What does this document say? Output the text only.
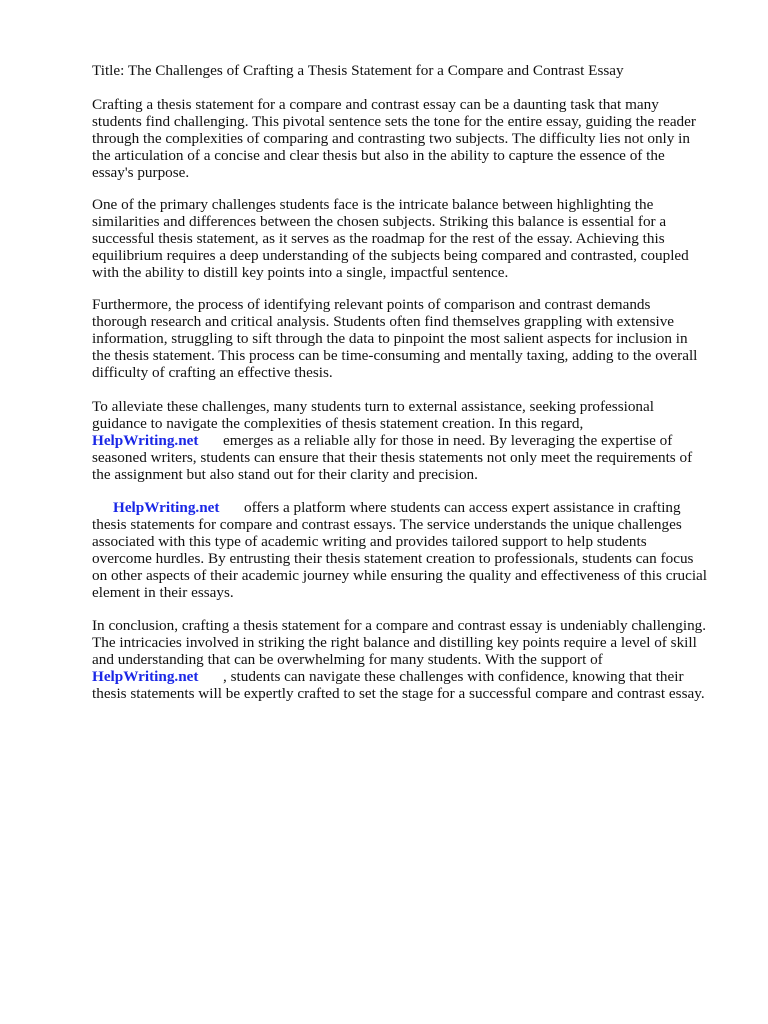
Title: The Challenges of Crafting a Thesis Statement for a Compare and Contrast Essay
Crafting a thesis statement for a compare and contrast essay can be a daunting task that many
students find challenging. This pivotal sentence sets the tone for the entire essay, guiding the reader
through the complexities of comparing and contrasting two subjects. The difficulty lies not only in
the articulation of a concise and clear thesis but also in the ability to capture the essence of the
essay's purpose.
One of the primary challenges students face is the intricate balance between highlighting the
similarities and differences between the chosen subjects. Striking this balance is essential for a
successful thesis statement, as it serves as the roadmap for the rest of the essay. Achieving this
equilibrium requires a deep understanding of the subjects being compared and contrasted, coupled
with the ability to distill key points into a single, impactful sentence.
Furthermore, the process of identifying relevant points of comparison and contrast demands
thorough research and critical analysis. Students often find themselves grappling with extensive
information, struggling to sift through the data to pinpoint the most salient aspects for inclusion in
the thesis statement. This process can be time-consuming and mentally taxing, adding to the overall
difficulty of crafting an effective thesis.
To alleviate these challenges, many students turn to external assistance, seeking professional
guidance to navigate the complexities of thesis statement creation. In this regard,
HelpWriting.net emerges as a reliable ally for those in need. By leveraging the expertise of
seasoned writers, students can ensure that their thesis statements not only meet the requirements of
the assignment but also stand out for their clarity and precision.
HelpWriting.net offers a platform where students can access expert assistance in crafting
thesis statements for compare and contrast essays. The service understands the unique challenges
associated with this type of academic writing and provides tailored support to help students
overcome hurdles. By entrusting their thesis statement creation to professionals, students can focus
on other aspects of their academic journey while ensuring the quality and effectiveness of this crucial
element in their essays.
In conclusion, crafting a thesis statement for a compare and contrast essay is undeniably challenging.
The intricacies involved in striking the right balance and distilling key points require a level of skill
and understanding that can be overwhelming for many students. With the support of
HelpWriting.net , students can navigate these challenges with confidence, knowing that their
thesis statements will be expertly crafted to set the stage for a successful compare and contrast essay.
